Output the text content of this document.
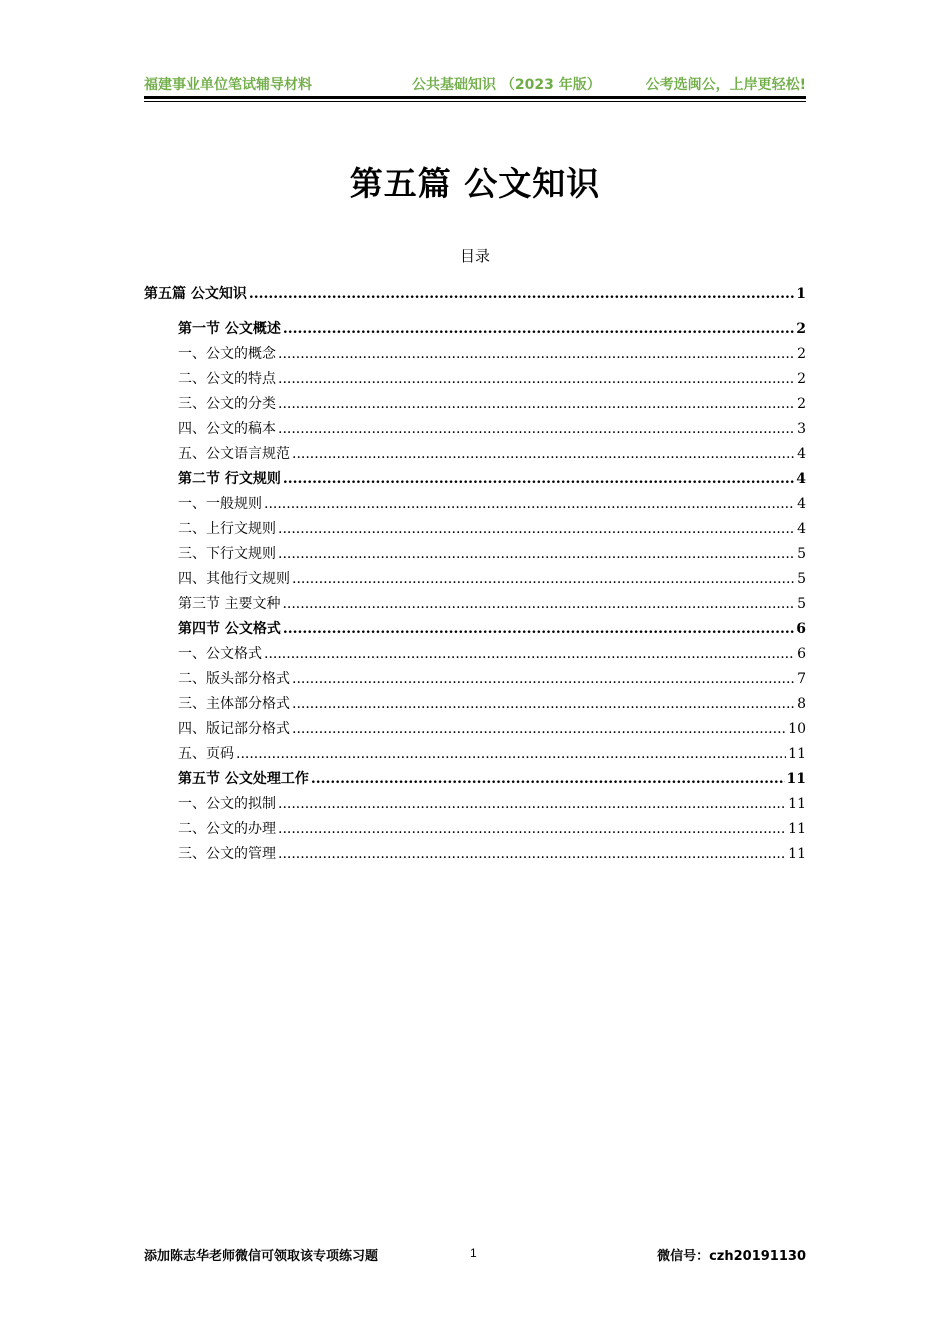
福建事业单位笔试辅导材料	公共基础知识 （2023 年版）	公考选闽公，上岸更轻松!
第五篇 公文知识
目录
第五篇 公文知识 .....	1
第一节 公文概述 .....	2
一、公文的概念 .....	2
二、公文的特点 .....	2
三、公文的分类 .....	2
四、公文的稿本 .....	3
五、公文语言规范 .....	4
第二节 行文规则 .....	4
一、一般规则 .....	4
二、上行文规则 .....	4
三、下行文规则 .....	5
四、其他行文规则 .....	5
第三节 主要文种 .....	5
第四节 公文格式 .....	6
一、公文格式 .....	6
二、版头部分格式 .....	7
三、主体部分格式 .....	8
四、版记部分格式 .....	10
五、页码 .....	11
第五节 公文处理工作 .....	11
一、公文的拟制 .....	11
二、公文的办理 .....	11
三、公文的管理 .....	11
添加陈志华老师微信可领取该专项练习题	1	微信号：czh20191130
